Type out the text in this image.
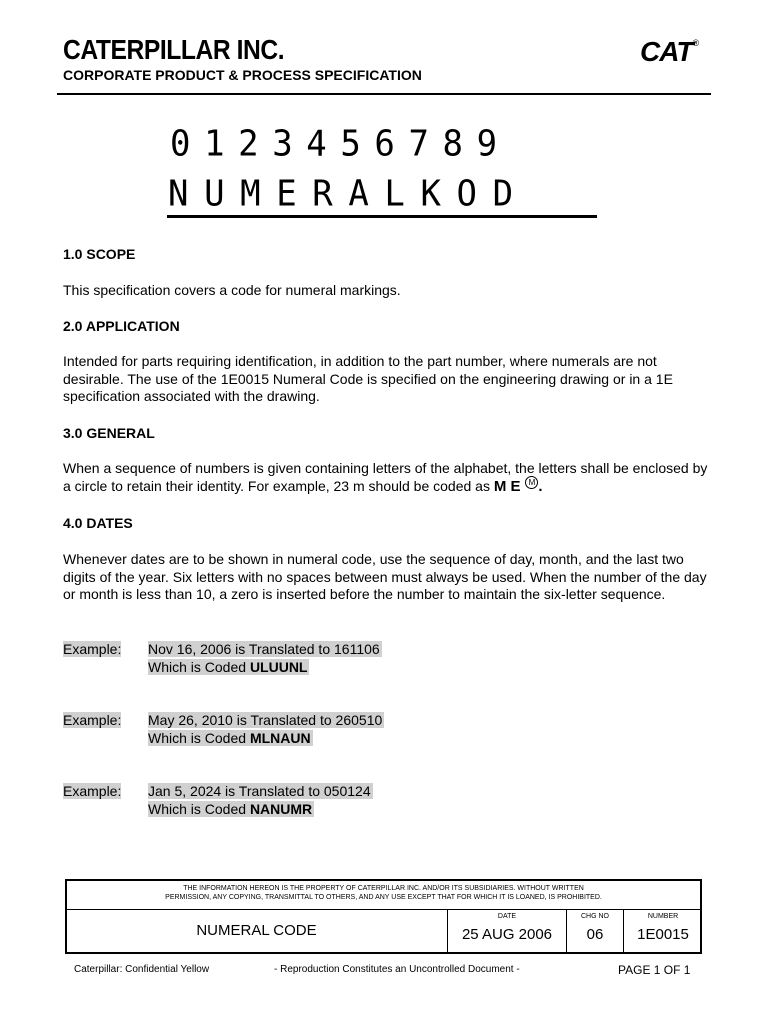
CATERPILLAR INC.
CORPORATE PRODUCT & PROCESS SPECIFICATION
CAT®
0123456789
NUMERALKOD
1.0 SCOPE
This specification covers a code for numeral markings.
2.0 APPLICATION
Intended for parts requiring identification, in addition to the part number, where numerals are not desirable. The use of the 1E0015 Numeral Code is specified on the engineering drawing or in a 1E specification associated with the drawing.
3.0 GENERAL
When a sequence of numbers is given containing letters of the alphabet, the letters shall be enclosed by a circle to retain their identity. For example, 23 m should be coded as M E M .
4.0 DATES
Whenever dates are to be shown in numeral code, use the sequence of day, month, and the last two digits of the year. Six letters with no spaces between must always be used. When the number of the day or month is less than 10, a zero is inserted before the number to maintain the six-letter sequence.
Example: Nov 16, 2006 is Translated to 161106
Which is Coded ULUUNL
Example: May 26, 2010 is Translated to 260510
Which is Coded MLNAUN
Example: Jan 5, 2024 is Translated to 050124
Which is Coded NANUMR
THE INFORMATION HEREON IS THE PROPERTY OF CATERPILLAR INC. AND/OR ITS SUBSIDIARIES. WITHOUT WRITTEN
PERMISSION, ANY COPYING, TRANSMITTAL TO OTHERS, AND ANY USE EXCEPT THAT FOR WHICH IT IS LOANED, IS PROHIBITED.
NUMERAL CODE
DATE
25 AUG 2006
CHG NO
06
NUMBER
1E0015
Caterpillar: Confidential Yellow	- Reproduction Constitutes an Uncontrolled Document -	PAGE 1 OF 1
